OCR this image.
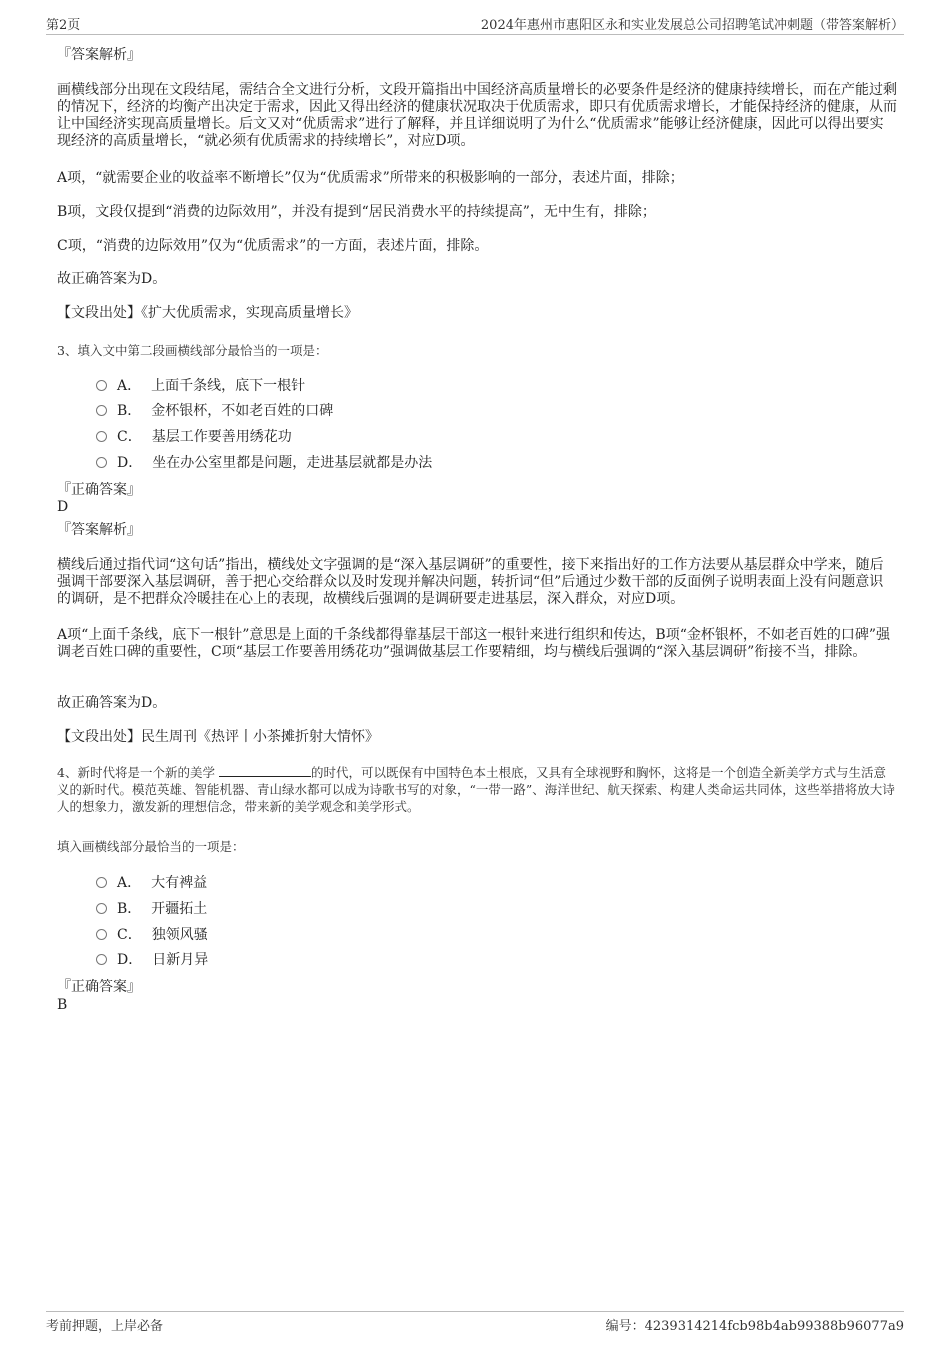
第2页	2024年惠州市惠阳区永和实业发展总公司招聘笔试冲刺题（带答案解析）
『答案解析』
画横线部分出现在文段结尾，需结合全文进行分析，文段开篇指出中国经济高质量增长的必要条件是经济的健康持续增长，而在产能过剩的情况下，经济的均衡产出决定于需求，因此又得出经济的健康状况取决于优质需求，即只有优质需求增长，才能保持经济的健康，从而让中国经济实现高质量增长。后文又对“优质需求”进行了解释，并且详细说明了为什么“优质需求”能够让经济健康，因此可以得出要实现经济的高质量增长，“就必须有优质需求的持续增长”，对应D项。
A项，“就需要企业的收益率不断增长”仅为“优质需求”所带来的积极影响的一部分，表述片面，排除；
B项，文段仅提到“消费的边际效用”，并没有提到“居民消费水平的持续提高”，无中生有，排除；
C项，“消费的边际效用”仅为“优质需求”的一方面，表述片面，排除。
故正确答案为D。
【文段出处】《扩大优质需求，实现高质量增长》
3、填入文中第二段画横线部分最恰当的一项是：
A． 上面千条线，底下一根针
B． 金杯银杯，不如老百姓的口碑
C． 基层工作要善用绣花功
D． 坐在办公室里都是问题，走进基层就都是办法
『正确答案』
D
『答案解析』
横线后通过指代词“这句话”指出，横线处文字强调的是“深入基层调研”的重要性，接下来指出好的工作方法要从基层群众中学来，随后强调干部要深入基层调研，善于把心交给群众以及时发现并解决问题，转折词“但”后通过少数干部的反面例子说明表面上没有问题意识的调研，是不把群众冷暖挂在心上的表现，故横线后强调的是调研要走进基层，深入群众，对应D项。
A项“上面千条线，底下一根针”意思是上面的千条线都得靠基层干部这一根针来进行组织和传达，B项“金杯银杯，不如老百姓的口碑”强调老百姓口碑的重要性，C项“基层工作要善用绣花功”强调做基层工作要精细，均与横线后强调的“深入基层调研”衔接不当，排除。
故正确答案为D。
【文段出处】民生周刊《热评丨小茶摊折射大情怀》
4、新时代将是一个新的美学	的时代，可以既保有中国特色本土根底，又具有全球视野和胸怀，这将是一个创造全新美学方式与生活意义的新时代。模范英雄、智能机器、青山绿水都可以成为诗歌书写的对象，“一带一路”、海洋世纪、航天探索、构建人类命运共同体，这些举措将放大诗人的想象力，激发新的理想信念，带来新的美学观念和美学形式。
填入画横线部分最恰当的一项是：
A． 大有裨益
B． 开疆拓土
C． 独领风骚
D． 日新月异
『正确答案』
B
考前押题，上岸必备	编号：4239314214fcb98b4ab99388b96077a9
